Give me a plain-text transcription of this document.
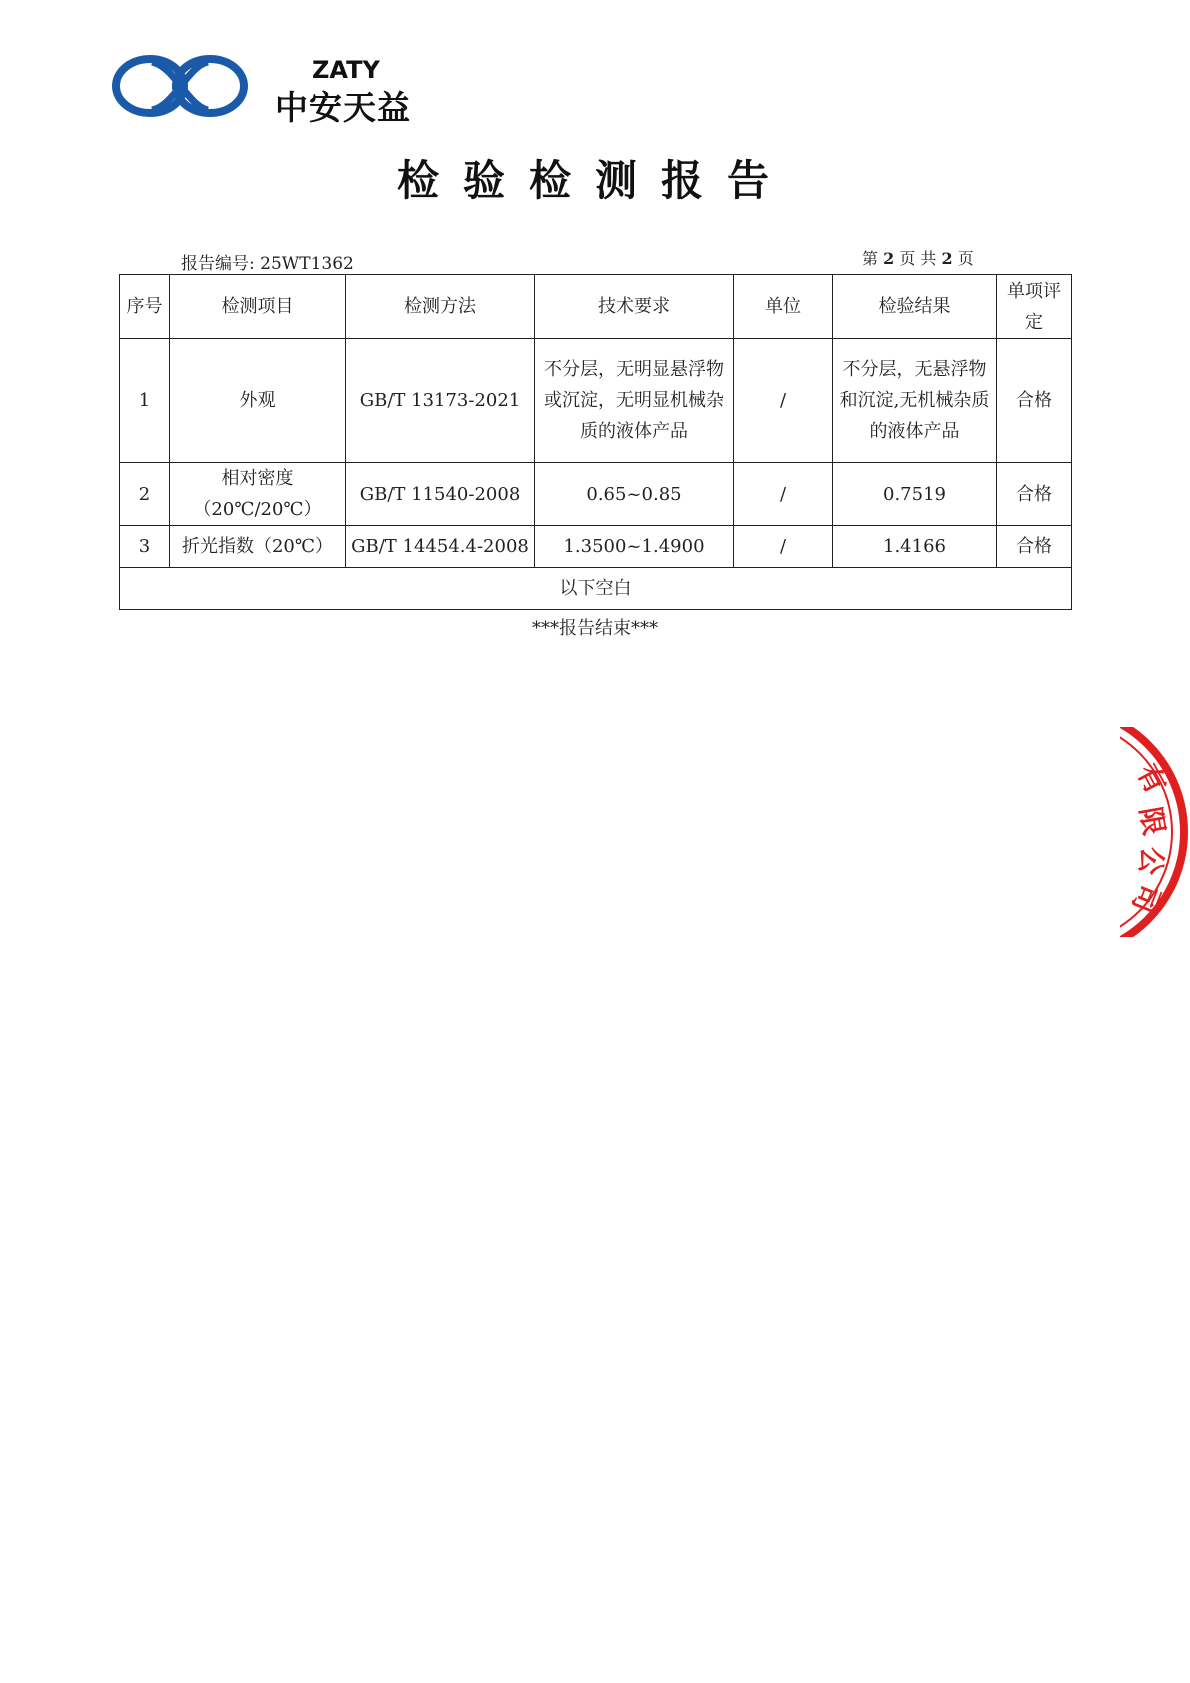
ZATY
中安天益
检验检测报告
报告编号: 25WT1362	第 2 页 共 2 页
序号	检测项目	检测方法	技术要求	单位	检验结果	单项评定
1	外观	GB/T 13173-2021	不分层，无明显悬浮物或沉淀，无明显机械杂质的液体产品	/	不分层，无悬浮物和沉淀,无机械杂质的液体产品	合格
2	相对密度（20℃/20℃）	GB/T 11540-2008	0.65~0.85	/	0.7519	合格
3	折光指数（20℃）	GB/T 14454.4-2008	1.3500~1.4900	/	1.4166	合格
以下空白						
***报告结束***
有
限
公
司
